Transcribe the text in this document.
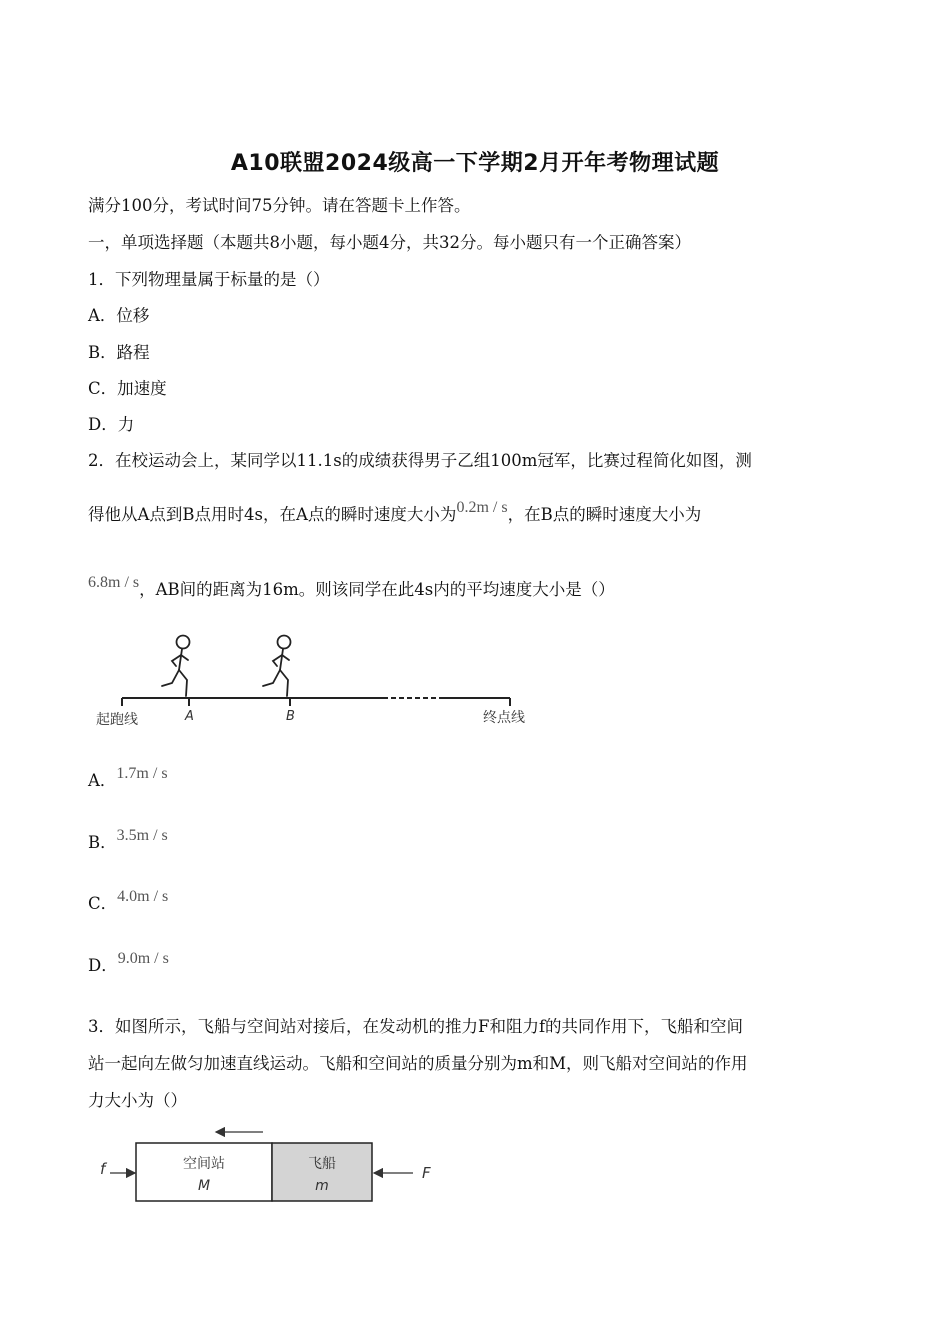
A10联盟2024级高一下学期2月开年考物理试题
满分100分，考试时间75分钟。请在答题卡上作答。
一，单项选择题（本题共8小题，每小题4分，共32分。每小题只有一个正确答案）
1．下列物理量属于标量的是（）
A．位移
B．路程
C．加速度
D．力
2．在校运动会上，某同学以11.1s的成绩获得男子乙组100m冠军，比赛过程简化如图，测
得他从A点到B点用时4s，在A点的瞬时速度大小为0.2m / s，在B点的瞬时速度大小为
6.8m / s，AB间的距离为16m。则该同学在此4s内的平均速度大小是（）
起跑线	A	B	终点线
A．1.7m / s
B．3.5m / s
C．4.0m / s
D．9.0m / s
3．如图所示，飞船与空间站对接后，在发动机的推力F和阻力f的共同作用下，飞船和空间
站一起向左做匀加速直线运动。飞船和空间站的质量分别为m和M，则飞船对空间站的作用
力大小为（）
f	空间站
M
飞船
m
F
